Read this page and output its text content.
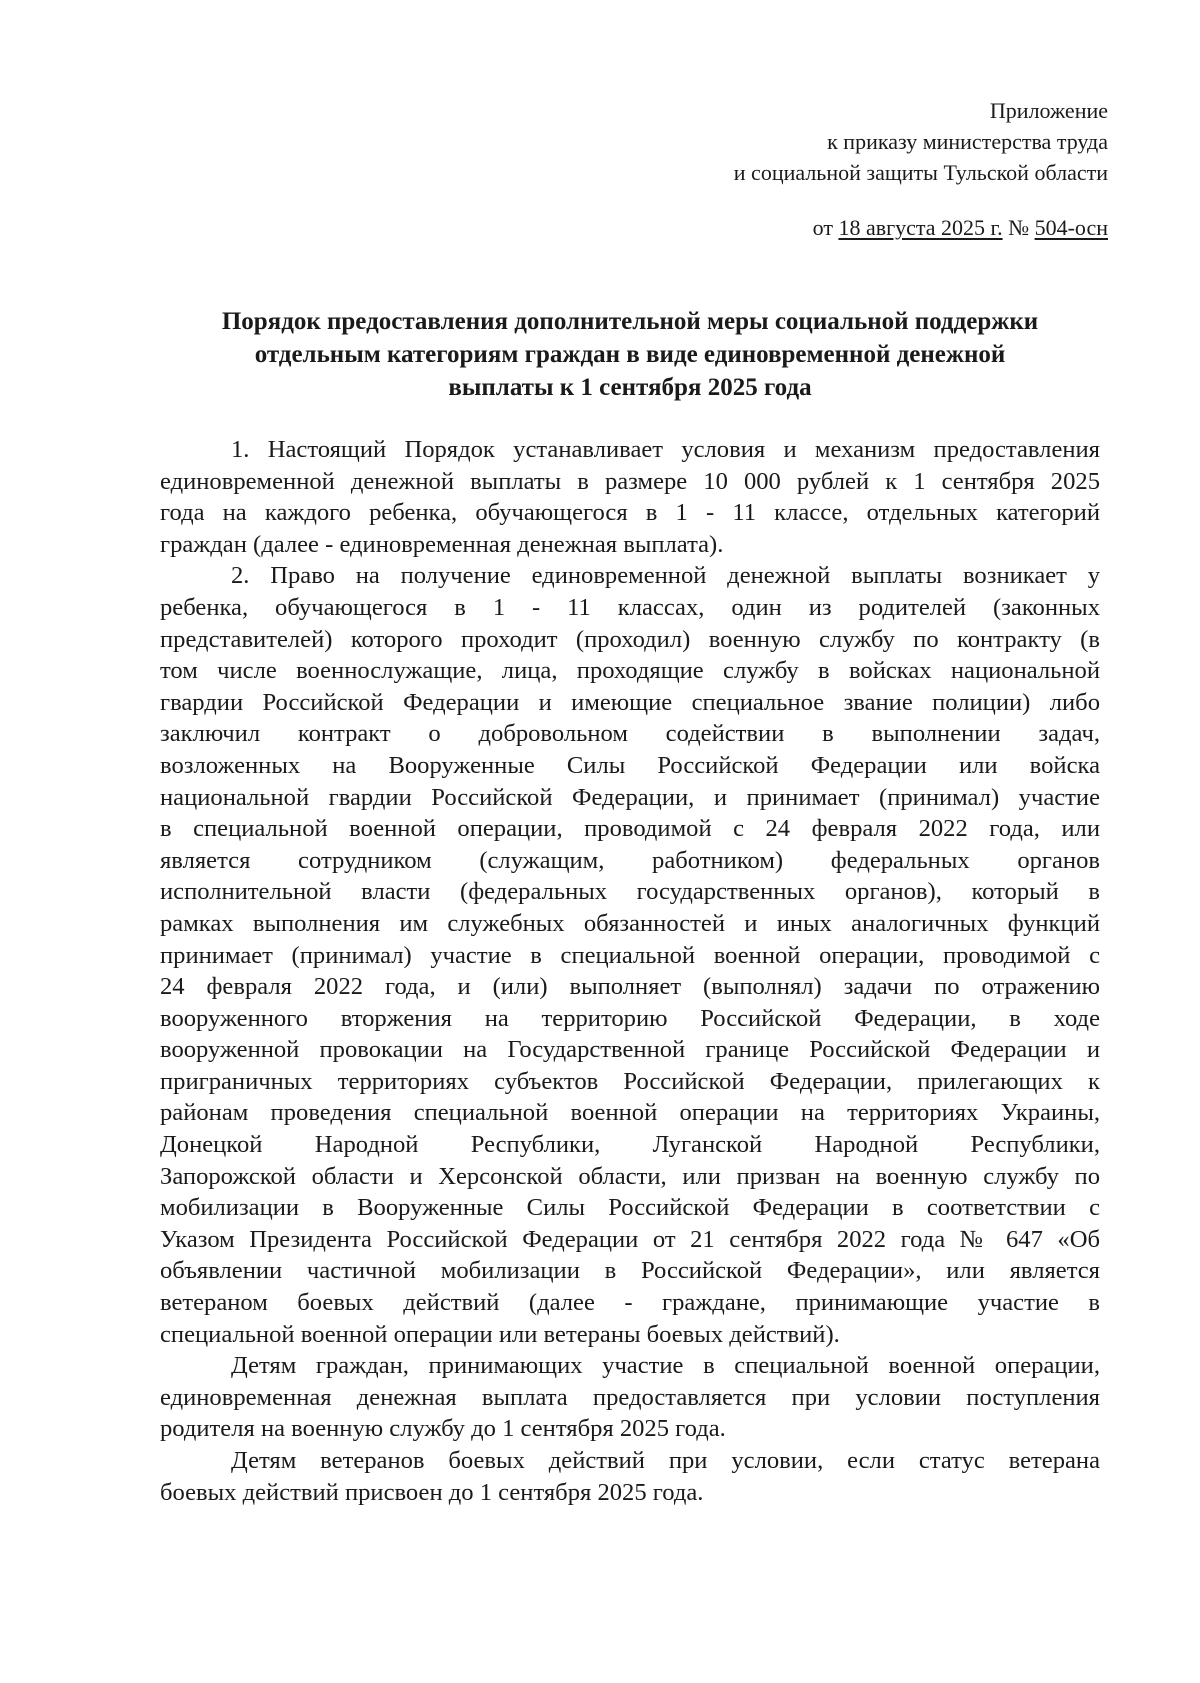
Приложение
к приказу министерства труда
и социальной защиты Тульской области
от 18 августа 2025 г. № 504-осн
Порядок предоставления дополнительной меры социальной поддержки
отдельным категориям граждан в виде единовременной денежной
выплаты к 1 сентября 2025 года
1. Настоящий Порядок устанавливает условия и механизм предоставления
единовременной денежной выплаты в размере 10 000 рублей к 1 сентября 2025
года на каждого ребенка, обучающегося в 1 - 11 классе, отдельных категорий
граждан (далее - единовременная денежная выплата).
2. Право на получение единовременной денежной выплаты возникает у
ребенка, обучающегося в 1 - 11 классах, один из родителей (законных
представителей) которого проходит (проходил) военную службу по контракту (в
том числе военнослужащие, лица, проходящие службу в войсках национальной
гвардии Российской Федерации и имеющие специальное звание полиции) либо
заключил контракт о добровольном содействии в выполнении задач,
возложенных на Вооруженные Силы Российской Федерации или войска
национальной гвардии Российской Федерации, и принимает (принимал) участие
в специальной военной операции, проводимой с 24 февраля 2022 года, или
является сотрудником (служащим, работником) федеральных органов
исполнительной власти (федеральных государственных органов), который в
рамках выполнения им служебных обязанностей и иных аналогичных функций
принимает (принимал) участие в специальной военной операции, проводимой с
24 февраля 2022 года, и (или) выполняет (выполнял) задачи по отражению
вооруженного вторжения на территорию Российской Федерации, в ходе
вооруженной провокации на Государственной границе Российской Федерации и
приграничных территориях субъектов Российской Федерации, прилегающих к
районам проведения специальной военной операции на территориях Украины,
Донецкой Народной Республики, Луганской Народной Республики,
Запорожской области и Херсонской области, или призван на военную службу по
мобилизации в Вооруженные Силы Российской Федерации в соответствии с
Указом Президента Российской Федерации от 21 сентября 2022 года № 647 «Об
объявлении частичной мобилизации в Российской Федерации», или является
ветераном боевых действий (далее - граждане, принимающие участие в
специальной военной операции или ветераны боевых действий).
Детям граждан, принимающих участие в специальной военной операции,
единовременная денежная выплата предоставляется при условии поступления
родителя на военную службу до 1 сентября 2025 года.
Детям ветеранов боевых действий при условии, если статус ветерана
боевых действий присвоен до 1 сентября 2025 года.
